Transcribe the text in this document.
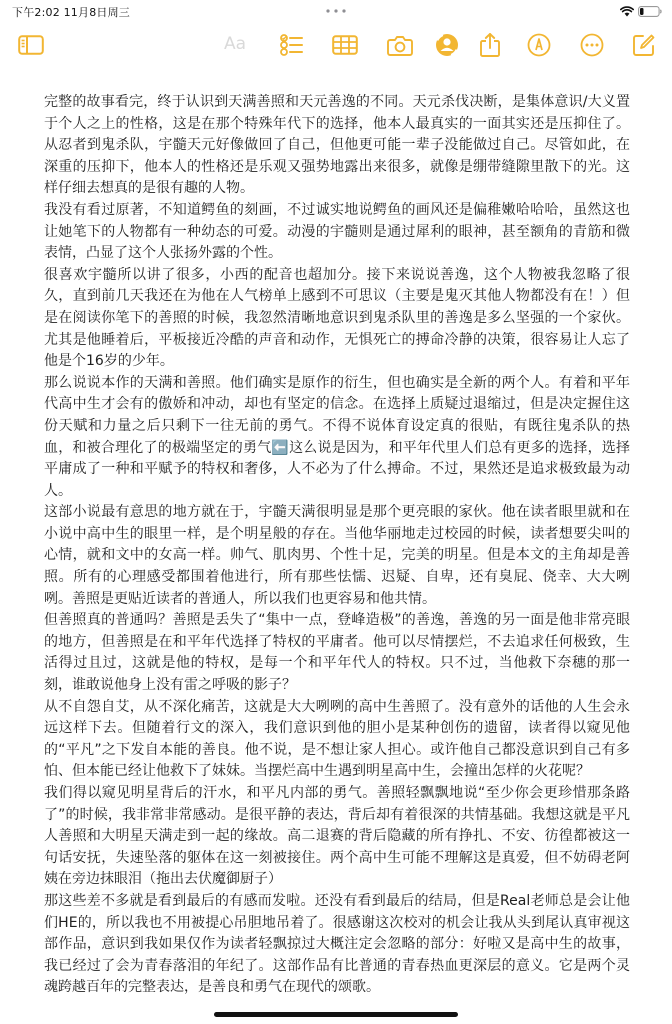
下午2:02 11月8日周三
Aa

完整的故事看完，终于认识到天满善照和天元善逸的不同。天元杀伐决断，是集体意识/大义置于个人之上的性格，这是在那个特殊年代下的选择，他本人最真实的一面其实还是压抑住了。从忍者到鬼杀队，宇髓天元好像做回了自己，但他更可能一辈子没能做过自己。尽管如此，在深重的压抑下，他本人的性格还是乐观又强势地露出来很多，就像是绷带缝隙里散下的光。这样仔细去想真的是很有趣的人物。

我没有看过原著，不知道鳄鱼的刻画，不过诚实地说鳄鱼的画风还是偏稚嫩哈哈哈，虽然这也让她笔下的人物都有一种幼态的可爱。动漫的宇髓则是通过犀利的眼神，甚至额角的青筋和微表情，凸显了这个人张扬外露的个性。

很喜欢宇髓所以讲了很多，小西的配音也超加分。接下来说说善逸，这个人物被我忽略了很久，直到前几天我还在为他在人气榜单上感到不可思议（主要是鬼灭其他人物都没有在！）但是在阅读你笔下的善照的时候，我忽然清晰地意识到鬼杀队里的善逸是多么坚强的一个家伙。尤其是他睡着后，平板接近冷酷的声音和动作，无惧死亡的搏命冷静的决策，很容易让人忘了他是个16岁的少年。

那么说说本作的天满和善照。他们确实是原作的衍生，但也确实是全新的两个人。有着和平年代高中生才会有的傲娇和冲动，却也有坚定的信念。在选择上质疑过退缩过，但是决定握住这份天赋和力量之后只剩下一往无前的勇气。不得不说体育设定真的很贴，有既往鬼杀队的热血，和被合理化了的极端坚定的勇气⬅️这么说是因为，和平年代里人们总有更多的选择，选择平庸成了一种和平赋予的特权和奢侈，人不必为了什么搏命。不过，果然还是追求极致最为动人。

这部小说最有意思的地方就在于，宇髓天满很明显是那个更亮眼的家伙。他在读者眼里就和在小说中高中生的眼里一样，是个明星般的存在。当他华丽地走过校园的时候，读者想要尖叫的心情，就和文中的女高一样。帅气、肌肉男、个性十足，完美的明星。但是本文的主角却是善照。所有的心理感受都围着他进行，所有那些怯懦、迟疑、自卑，还有臭屁、侥幸、大大咧咧。善照是更贴近读者的普通人，所以我们也更容易和他共情。

但善照真的普通吗？善照是丢失了“集中一点，登峰造极”的善逸，善逸的另一面是他非常亮眼的地方，但善照是在和平年代选择了特权的平庸者。他可以尽情摆烂，不去追求任何极致，生活得过且过，这就是他的特权，是每一个和平年代人的特权。只不过，当他救下奈穗的那一刻，谁敢说他身上没有雷之呼吸的影子？

从不自怨自艾，从不深化痛苦，这就是大大咧咧的高中生善照了。没有意外的话他的人生会永远这样下去。但随着行文的深入，我们意识到他的胆小是某种创伤的遗留，读者得以窥见他的“平凡”之下发自本能的善良。他不说，是不想让家人担心。或许他自己都没意识到自己有多怕、但本能已经让他救下了妹妹。当摆烂高中生遇到明星高中生，会撞出怎样的火花呢？

我们得以窥见明星背后的汗水，和平凡内部的勇气。善照轻飘飘地说“至少你会更珍惜那条路了”的时候，我非常非常感动。是很平静的表达，背后却有着很深的共情基础。我想这就是平凡人善照和大明星天满走到一起的缘故。高二退赛的背后隐藏的所有挣扎、不安、彷徨都被这一句话安抚，失速坠落的躯体在这一刻被接住。两个高中生可能不理解这是真爱，但不妨碍老阿姨在旁边抹眼泪（拖出去伏魔御厨子）

那这些差不多就是看到最后的有感而发啦。还没有看到最后的结局，但是Real老师总是会让他们HE的，所以我也不用被提心吊胆地吊着了。很感谢这次校对的机会让我从头到尾认真审视这部作品，意识到我如果仅作为读者轻飘掠过大概注定会忽略的部分：好啦又是高中生的故事，我已经过了会为青春落泪的年纪了。这部作品有比普通的青春热血更深层的意义。它是两个灵魂跨越百年的完整表达，是善良和勇气在现代的颂歌。
